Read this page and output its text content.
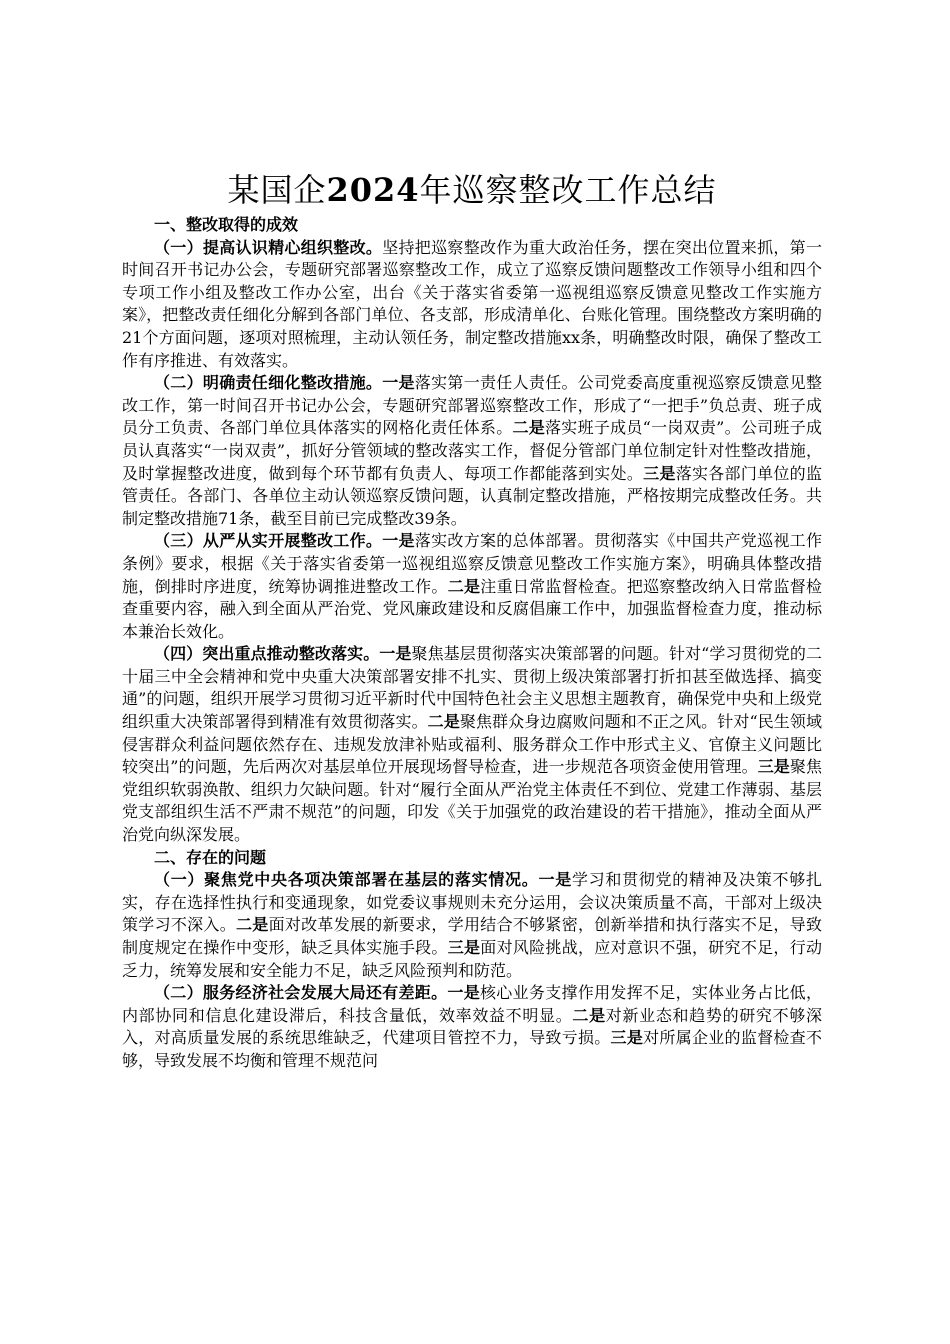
某国企2024年巡察整改工作总结

一、整改取得的成效

（一）提高认识精心组织整改。坚持把巡察整改作为重大政治任务，摆在突出位置来抓，第一时间召开书记办公会，专题研究部署巡察整改工作，成立了巡察反馈问题整改工作领导小组和四个专项工作小组及整改工作办公室，出台《关于落实省委第一巡视组巡察反馈意见整改工作实施方案》，把整改责任细化分解到各部门单位、各支部，形成清单化、台账化管理。围绕整改方案明确的21个方面问题，逐项对照梳理，主动认领任务，制定整改措施xx条，明确整改时限，确保了整改工作有序推进、有效落实。

（二）明确责任细化整改措施。一是落实第一责任人责任。公司党委高度重视巡察反馈意见整改工作，第一时间召开书记办公会，专题研究部署巡察整改工作，形成了“一把手”负总责、班子成员分工负责、各部门单位具体落实的网格化责任体系。二是落实班子成员“一岗双责”。公司班子成员认真落实“一岗双责”，抓好分管领域的整改落实工作，督促分管部门单位制定针对性整改措施，及时掌握整改进度，做到每个环节都有负责人、每项工作都能落到实处。三是落实各部门单位的监管责任。各部门、各单位主动认领巡察反馈问题，认真制定整改措施，严格按期完成整改任务。共制定整改措施71条，截至目前已完成整改39条。

（三）从严从实开展整改工作。一是落实改方案的总体部署。贯彻落实《中国共产党巡视工作条例》要求，根据《关于落实省委第一巡视组巡察反馈意见整改工作实施方案》，明确具体整改措施，倒排时序进度，统筹协调推进整改工作。二是注重日常监督检查。把巡察整改纳入日常监督检查重要内容，融入到全面从严治党、党风廉政建设和反腐倡廉工作中，加强监督检查力度，推动标本兼治长效化。

（四）突出重点推动整改落实。一是聚焦基层贯彻落实决策部署的问题。针对“学习贯彻党的二十届三中全会精神和党中央重大决策部署安排不扎实、贯彻上级决策部署打折扣甚至做选择、搞变通”的问题，组织开展学习贯彻习近平新时代中国特色社会主义思想主题教育，确保党中央和上级党组织重大决策部署得到精准有效贯彻落实。二是聚焦群众身边腐败问题和不正之风。针对“民生领域侵害群众利益问题依然存在、违规发放津补贴或福利、服务群众工作中形式主义、官僚主义问题比较突出”的问题，先后两次对基层单位开展现场督导检查，进一步规范各项资金使用管理。三是聚焦党组织软弱涣散、组织力欠缺问题。针对“履行全面从严治党主体责任不到位、党建工作薄弱、基层党支部组织生活不严肃不规范”的问题，印发《关于加强党的政治建设的若干措施》，推动全面从严治党向纵深发展。

二、存在的问题

（一）聚焦党中央各项决策部署在基层的落实情况。一是学习和贯彻党的精神及决策不够扎实，存在选择性执行和变通现象，如党委议事规则未充分运用，会议决策质量不高，干部对上级决策学习不深入。二是面对改革发展的新要求，学用结合不够紧密，创新举措和执行落实不足，导致制度规定在操作中变形，缺乏具体实施手段。三是面对风险挑战，应对意识不强，研究不足，行动乏力，统筹发展和安全能力不足，缺乏风险预判和防范。

（二）服务经济社会发展大局还有差距。一是核心业务支撑作用发挥不足，实体业务占比低，内部协同和信息化建设滞后，科技含量低，效率效益不明显。二是对新业态和趋势的研究不够深入，对高质量发展的系统思维缺乏，代建项目管控不力，导致亏损。三是对所属企业的监督检查不够，导致发展不均衡和管理不规范问
